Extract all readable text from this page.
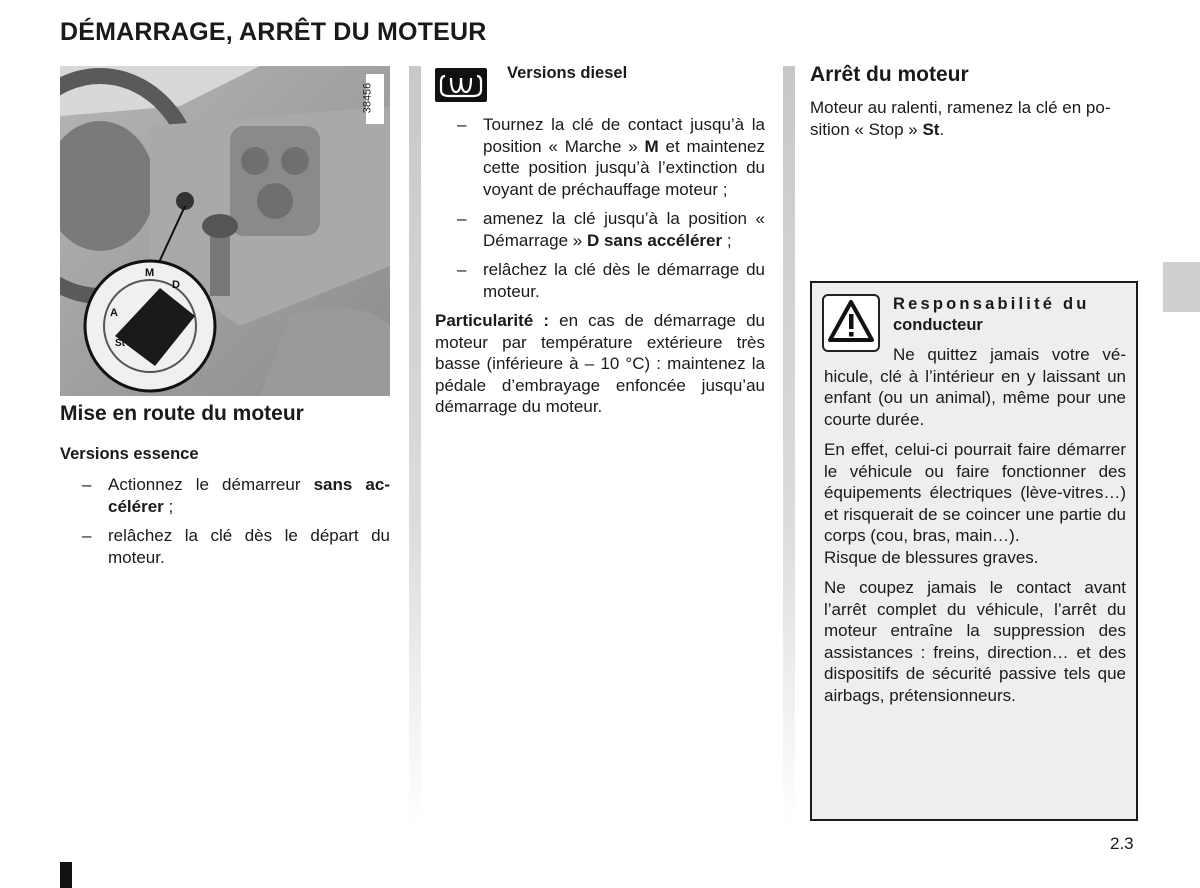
DÉMARRAGE, ARRÊT DU MOTEUR
M
D
A
St
38456
Mise en route du moteur
Versions essence
– Actionnez le démarreur sans accélérer ;
– relâchez la clé dès le départ du moteur.
Versions diesel
– Tournez la clé de contact jusqu’à la position « Marche » M et maintenez cette position jusqu’à l’extinction du voyant de préchauffage moteur ;
– amenez la clé jusqu’à la position « Démarrage » D sans accélérer ;
– relâchez la clé dès le démarrage du moteur.
Particularité : en cas de démarrage du moteur par température extérieure très basse (inférieure à – 10 °C) : maintenez la pédale d’embrayage enfoncée jusqu’au démarrage du moteur.
Arrêt du moteur
Moteur au ralenti, ramenez la clé en position « Stop » St.
Responsabilité du
conducteur
Ne quittez jamais votre véhicule, clé à l’intérieur en y laissant un enfant (ou un animal), même pour une courte durée.
En effet, celui-ci pourrait faire démarrer le véhicule ou faire fonctionner des équipements électriques (lève-vitres…) et risquerait de se coincer une partie du corps (cou, bras, main…).
Risque de blessures graves.
Ne coupez jamais le contact avant l’arrêt complet du véhicule, l’arrêt du moteur entraîne la suppression des assistances : freins, direction… et des dispositifs de sécurité passive tels que airbags, prétensionneurs.
2.3
